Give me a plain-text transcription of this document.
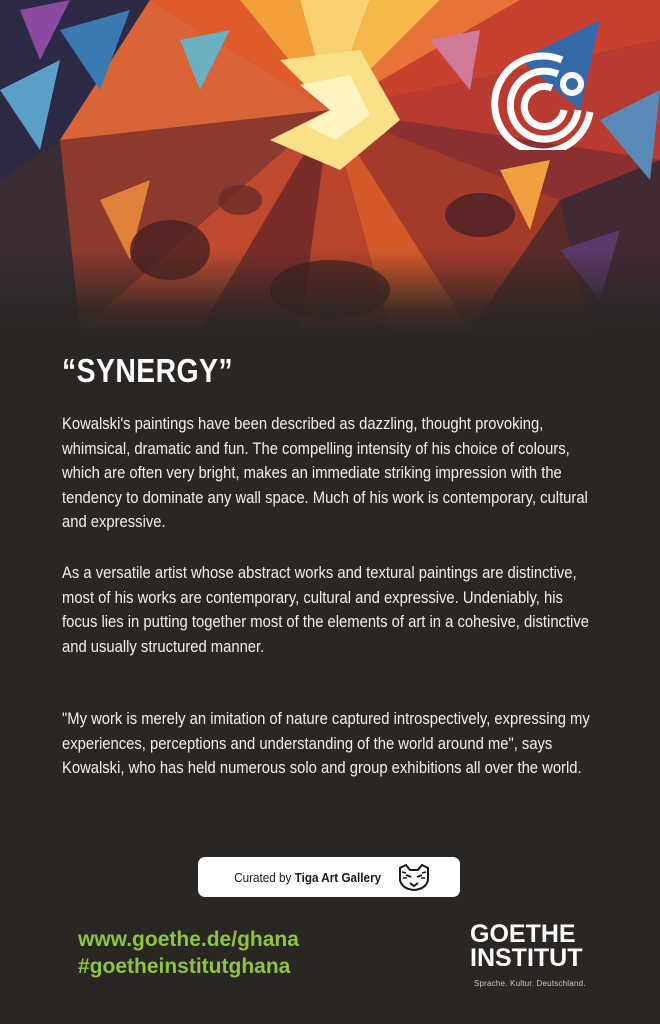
“SYNERGY”

Kowalski's paintings have been described as dazzling, thought provoking, whimsical, dramatic and fun. The compelling intensity of his choice of colours, which are often very bright, makes an immediate striking impression with the tendency to dominate any wall space. Much of his work is contemporary, cultural and expressive.

As a versatile artist whose abstract works and textural paintings are distinctive, most of his works are contemporary, cultural and expressive. Undeniably, his focus lies in putting together most of the elements of art in a cohesive, distinctive and usually structured manner.

"My work is merely an imitation of nature captured introspectively, expressing my experiences, perceptions and understanding of the world around me", says Kowalski, who has held numerous solo and group exhibitions all over the world.

Curated by Tiga Art Gallery
www.goethe.de/ghana
#goetheinstitutghana
GOETHE
INSTITUT
Sprache. Kultur. Deutschland.
